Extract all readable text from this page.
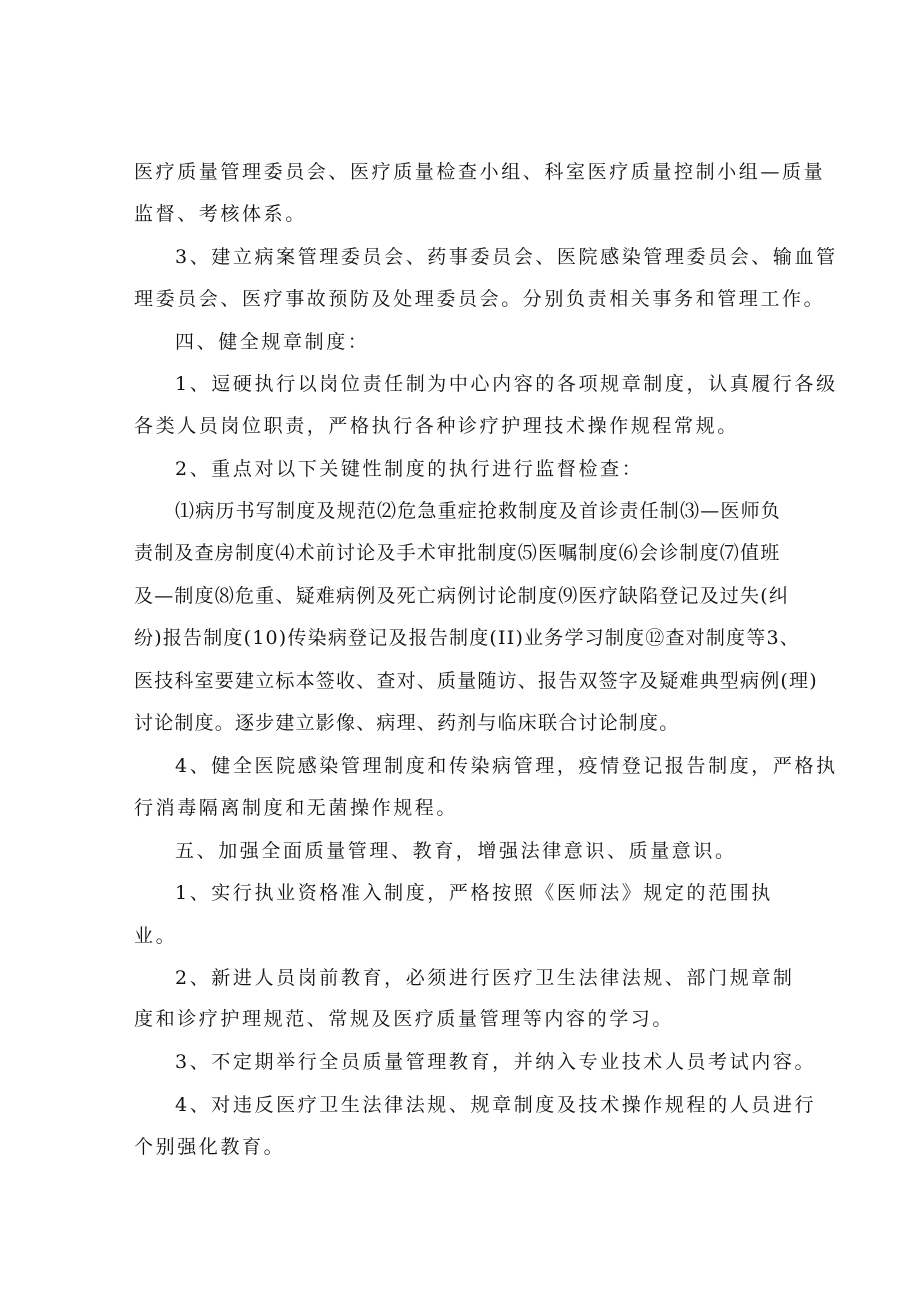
医疗质量管理委员会、医疗质量检查小组、科室医疗质量控制小组—质量
监督、考核体系。
3、建立病案管理委员会、药事委员会、医院感染管理委员会、输血管
理委员会、医疗事故预防及处理委员会。分别负责相关事务和管理工作。
四、健全规章制度：
1、逗硬执行以岗位责任制为中心内容的各项规章制度，认真履行各级
各类人员岗位职责，严格执行各种诊疗护理技术操作规程常规。
2、重点对以下关键性制度的执行进行监督检查：
⑴病历书写制度及规范⑵危急重症抢救制度及首诊责任制⑶—医师负
责制及查房制度⑷术前讨论及手术审批制度⑸医嘱制度⑹会诊制度⑺值班
及—制度⑻危重、疑难病例及死亡病例讨论制度⑼医疗缺陷登记及过失(纠
纷)报告制度(10)传染病登记及报告制度(II)业务学习制度⑫查对制度等3、
医技科室要建立标本签收、查对、质量随访、报告双签字及疑难典型病例(理)
讨论制度。逐步建立影像、病理、药剂与临床联合讨论制度。
4、健全医院感染管理制度和传染病管理，疫情登记报告制度，严格执
行消毒隔离制度和无菌操作规程。
五、加强全面质量管理、教育，增强法律意识、质量意识。
1、实行执业资格准入制度，严格按照《医师法》规定的范围执
业。
2、新进人员岗前教育，必须进行医疗卫生法律法规、部门规章制
度和诊疗护理规范、常规及医疗质量管理等内容的学习。
3、不定期举行全员质量管理教育，并纳入专业技术人员考试内容。
4、对违反医疗卫生法律法规、规章制度及技术操作规程的人员进行
个别强化教育。
